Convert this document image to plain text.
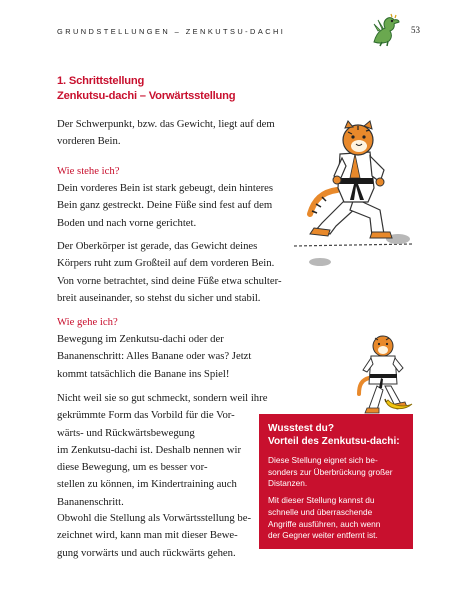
GRUNDSTELLUNGEN – ZENKUTSU-DACHI	53
1. Schrittstellung
Zenkutsu-dachi – Vorwärtsstellung

Der Schwerpunkt, bzw. das Gewicht, liegt auf dem
vorderen Bein.

Wie stehe ich?

Dein vorderes Bein ist stark gebeugt, dein hinteres
Bein ganz gestreckt. Deine Füße sind fest auf dem
Boden und nach vorne gerichtet.

Der Oberkörper ist gerade, das Gewicht deines
Körpers ruht zum Großteil auf dem vorderen Bein.
Von vorne betrachtet, sind deine Füße etwa schulter-
breit auseinander, so stehst du sicher und stabil.

Wie gehe ich?

Bewegung im Zenkutsu-dachi oder der
Bananenschritt: Alles Banane oder was? Jetzt
kommt tatsächlich die Banane ins Spiel!

Nicht weil sie so gut schmeckt, sondern weil ihre
gekrümmte Form das Vorbild für die Vor-
wärts- und Rückwärtsbewegung
im Zenkutsu-dachi ist. Deshalb nennen wir
diese Bewegung, um es besser vor-
stellen zu können, im Kindertraining auch
Bananenschritt.

Obwohl die Stellung als Vorwärtsstellung be-
zeichnet wird, kann man mit dieser Bewe-
gung vorwärts und auch rückwärts gehen.

Wusstest du?
Vorteil des Zenkutsu-dachi:
Diese Stellung eignet sich be-
sonders zur Überbrückung großer
Distanzen.
Mit dieser Stellung kannst du
schnelle und überraschende
Angriffe ausführen, auch wenn
der Gegner weiter entfernt ist.
